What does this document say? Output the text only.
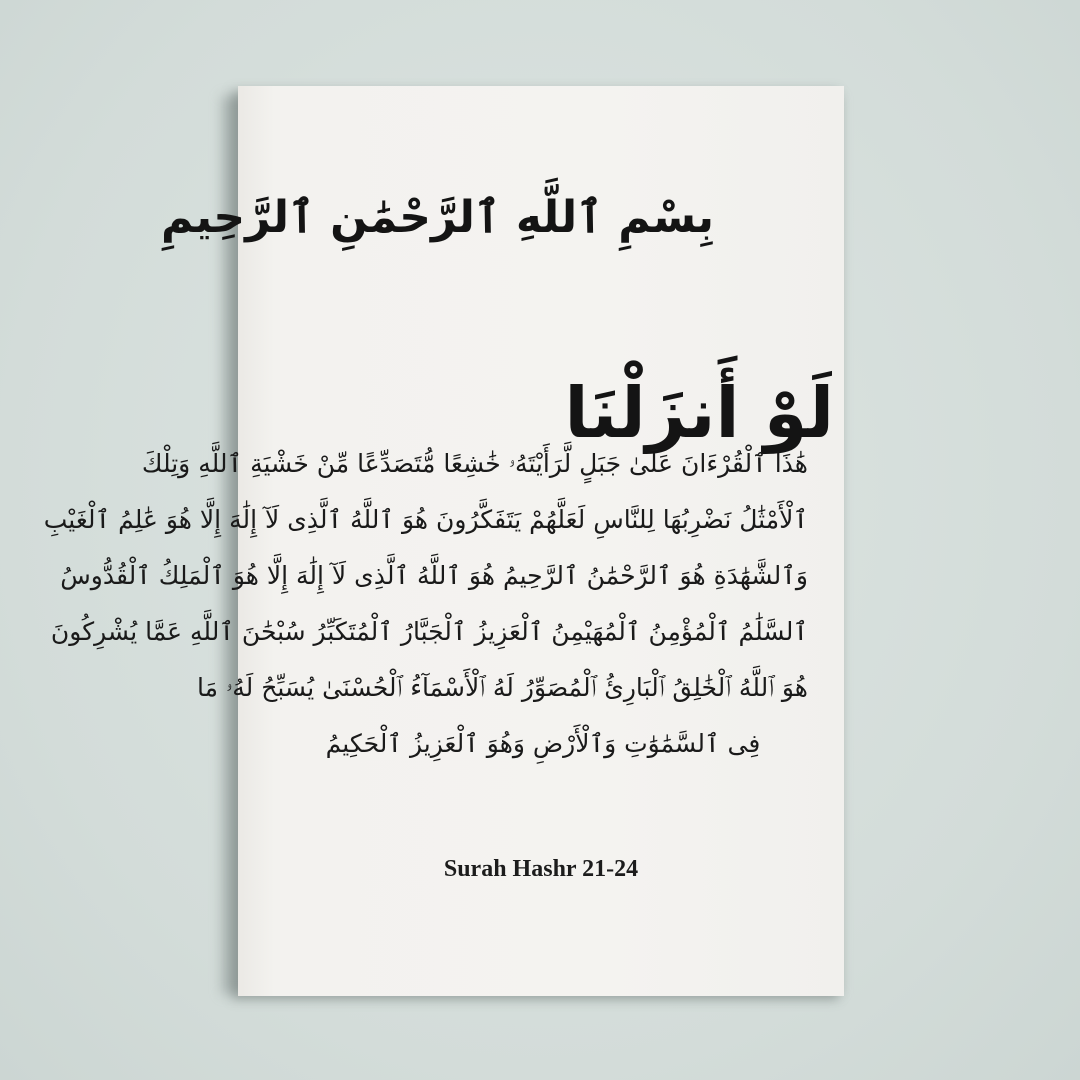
بِسْمِ ٱللَّهِ ٱلرَّحْمَٰنِ ٱلرَّحِيمِ
لَوْ أَنزَلْنَا
هَٰذَا ٱلْقُرْءَانَ عَلَىٰ جَبَلٍ لَّرَأَيْتَهُۥ خَٰشِعًا مُّتَصَدِّعًا مِّنْ خَشْيَةِ ٱللَّهِ وَتِلْكَ
ٱلْأَمْثَٰلُ نَضْرِبُهَا لِلنَّاسِ لَعَلَّهُمْ يَتَفَكَّرُونَ هُوَ ٱللَّهُ ٱلَّذِى لَآ إِلَٰهَ إِلَّا هُوَ عَٰلِمُ ٱلْغَيْبِ
وَٱلشَّهَٰدَةِ هُوَ ٱلرَّحْمَٰنُ ٱلرَّحِيمُ هُوَ ٱللَّهُ ٱلَّذِى لَآ إِلَٰهَ إِلَّا هُوَ ٱلْمَلِكُ ٱلْقُدُّوسُ
ٱلسَّلَٰمُ ٱلْمُؤْمِنُ ٱلْمُهَيْمِنُ ٱلْعَزِيزُ ٱلْجَبَّارُ ٱلْمُتَكَبِّرُ سُبْحَٰنَ ٱللَّهِ عَمَّا يُشْرِكُونَ
هُوَ ٱللَّهُ ٱلْخَٰلِقُ ٱلْبَارِئُ ٱلْمُصَوِّرُ لَهُ ٱلْأَسْمَآءُ ٱلْحُسْنَىٰ يُسَبِّحُ لَهُۥ مَا
فِى ٱلسَّمَٰوَٰتِ وَٱلْأَرْضِ وَهُوَ ٱلْعَزِيزُ ٱلْحَكِيمُ
Surah Hashr 21-24
